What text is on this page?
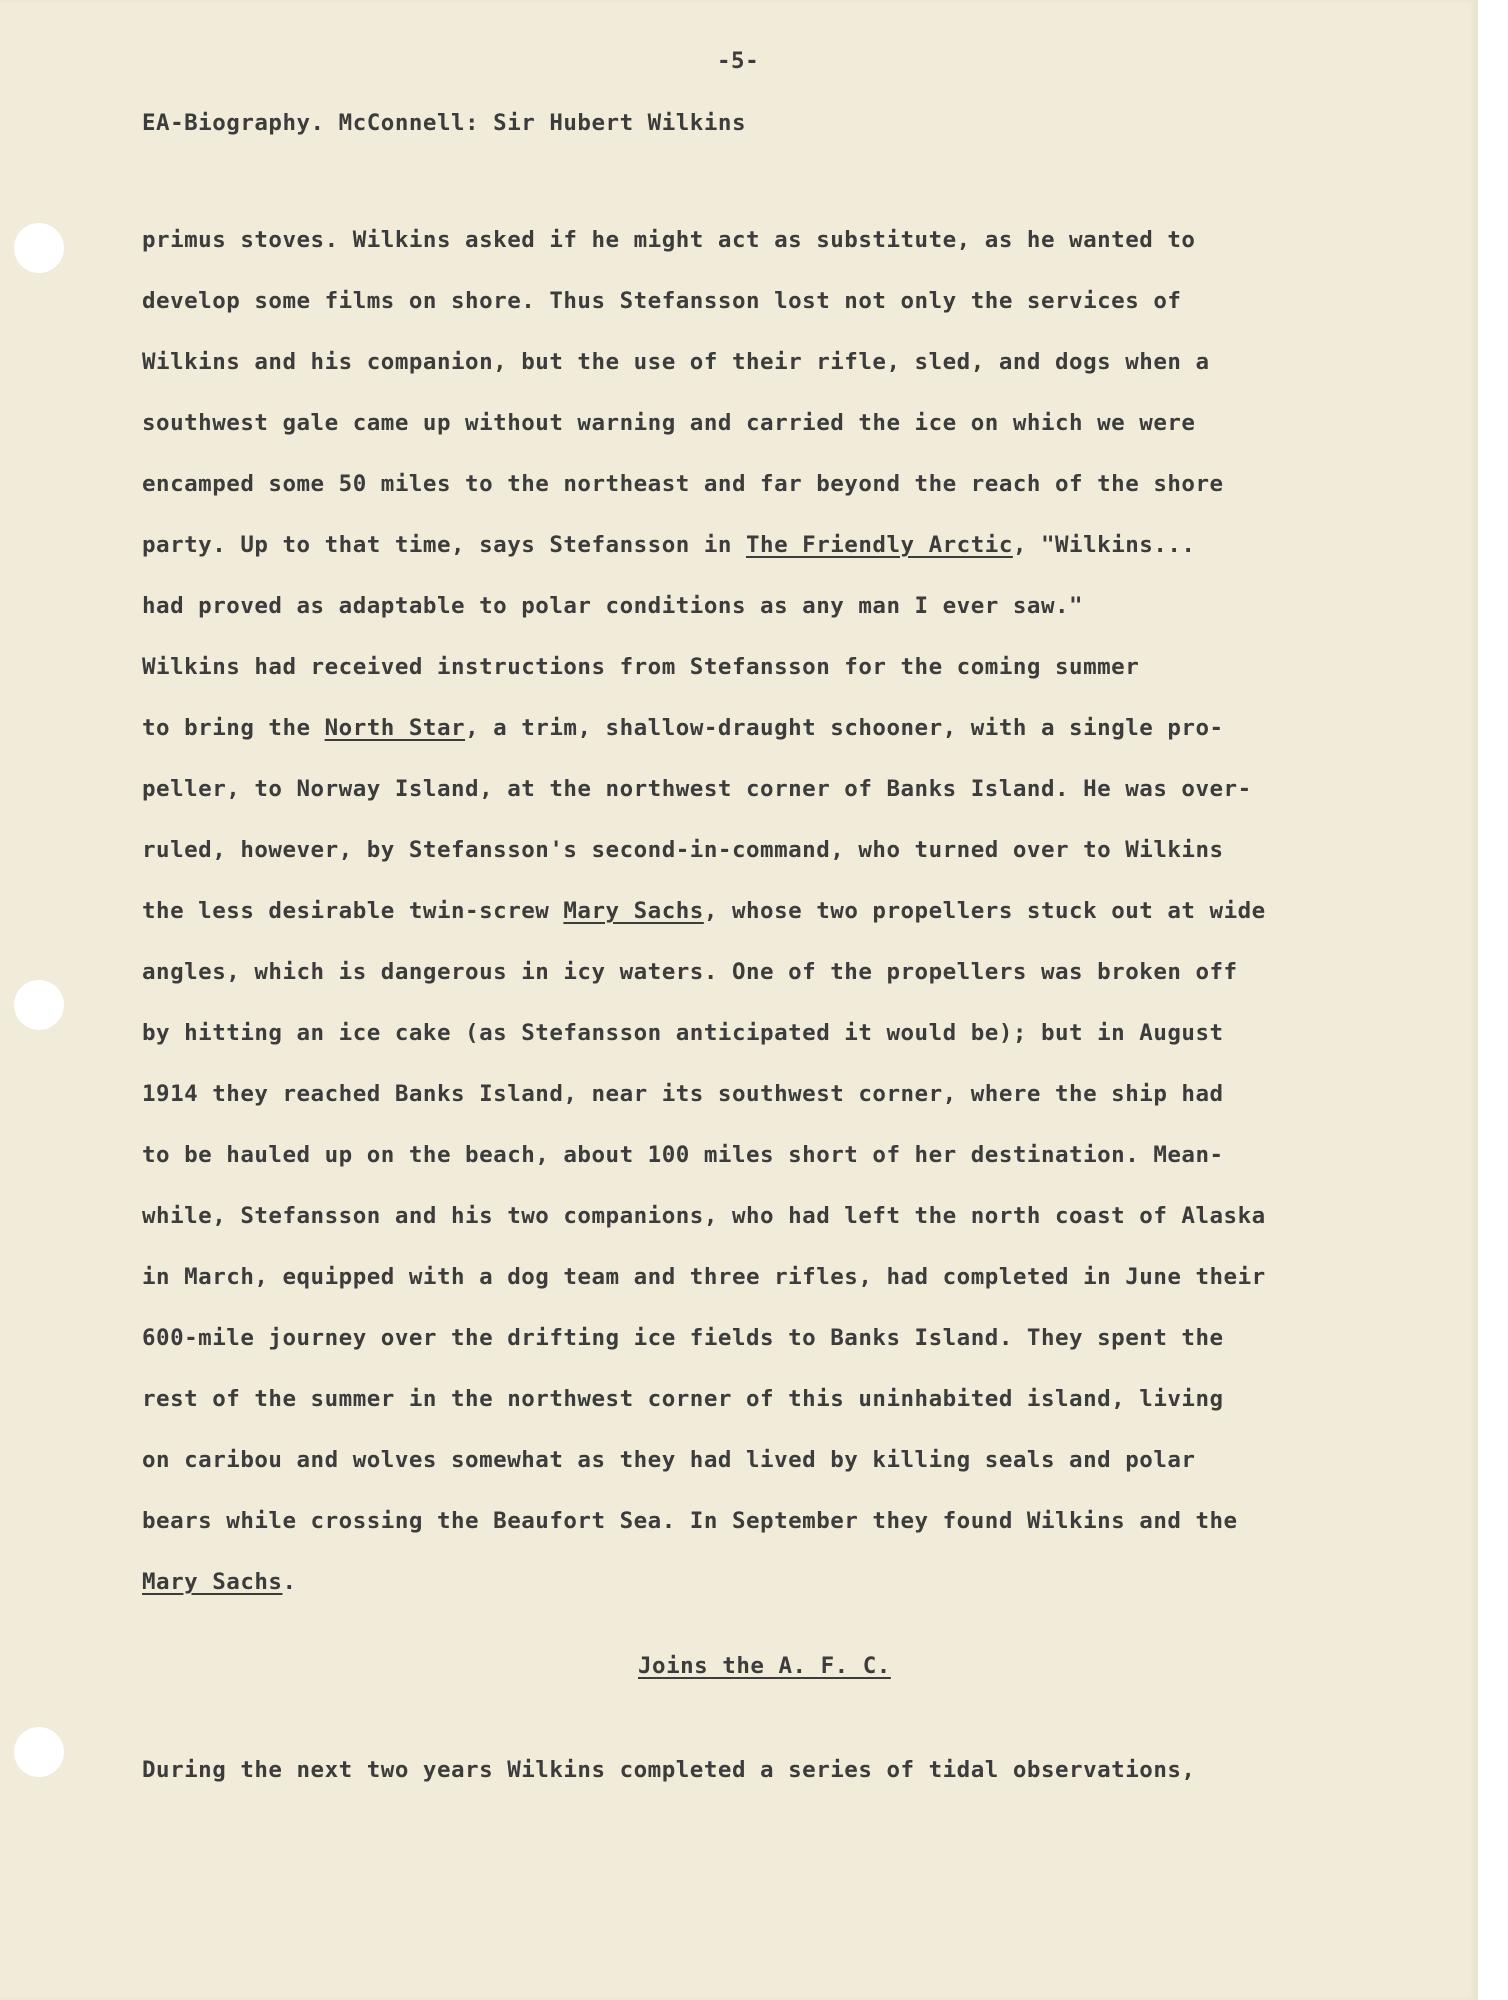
-5-
EA-Biography. McConnell: Sir Hubert Wilkins
primus stoves. Wilkins asked if he might act as substitute, as he wanted to
develop some films on shore. Thus Stefansson lost not only the services of
Wilkins and his companion, but the use of their rifle, sled, and dogs when a
southwest gale came up without warning and carried the ice on which we were
encamped some 50 miles to the northeast and far beyond the reach of the shore
party. Up to that time, says Stefansson in The Friendly Arctic, "Wilkins...
had proved as adaptable to polar conditions as any man I ever saw."
Wilkins had received instructions from Stefansson for the coming summer
to bring the North Star, a trim, shallow-draught schooner, with a single pro-
peller, to Norway Island, at the northwest corner of Banks Island. He was over-
ruled, however, by Stefansson's second-in-command, who turned over to Wilkins
the less desirable twin-screw Mary Sachs, whose two propellers stuck out at wide
angles, which is dangerous in icy waters. One of the propellers was broken off
by hitting an ice cake (as Stefansson anticipated it would be); but in August
1914 they reached Banks Island, near its southwest corner, where the ship had
to be hauled up on the beach, about 100 miles short of her destination. Mean-
while, Stefansson and his two companions, who had left the north coast of Alaska
in March, equipped with a dog team and three rifles, had completed in June their
600-mile journey over the drifting ice fields to Banks Island. They spent the
rest of the summer in the northwest corner of this uninhabited island, living
on caribou and wolves somewhat as they had lived by killing seals and polar
bears while crossing the Beaufort Sea. In September they found Wilkins and the
Mary Sachs.
Joins the A. F. C.
During the next two years Wilkins completed a series of tidal observations,
